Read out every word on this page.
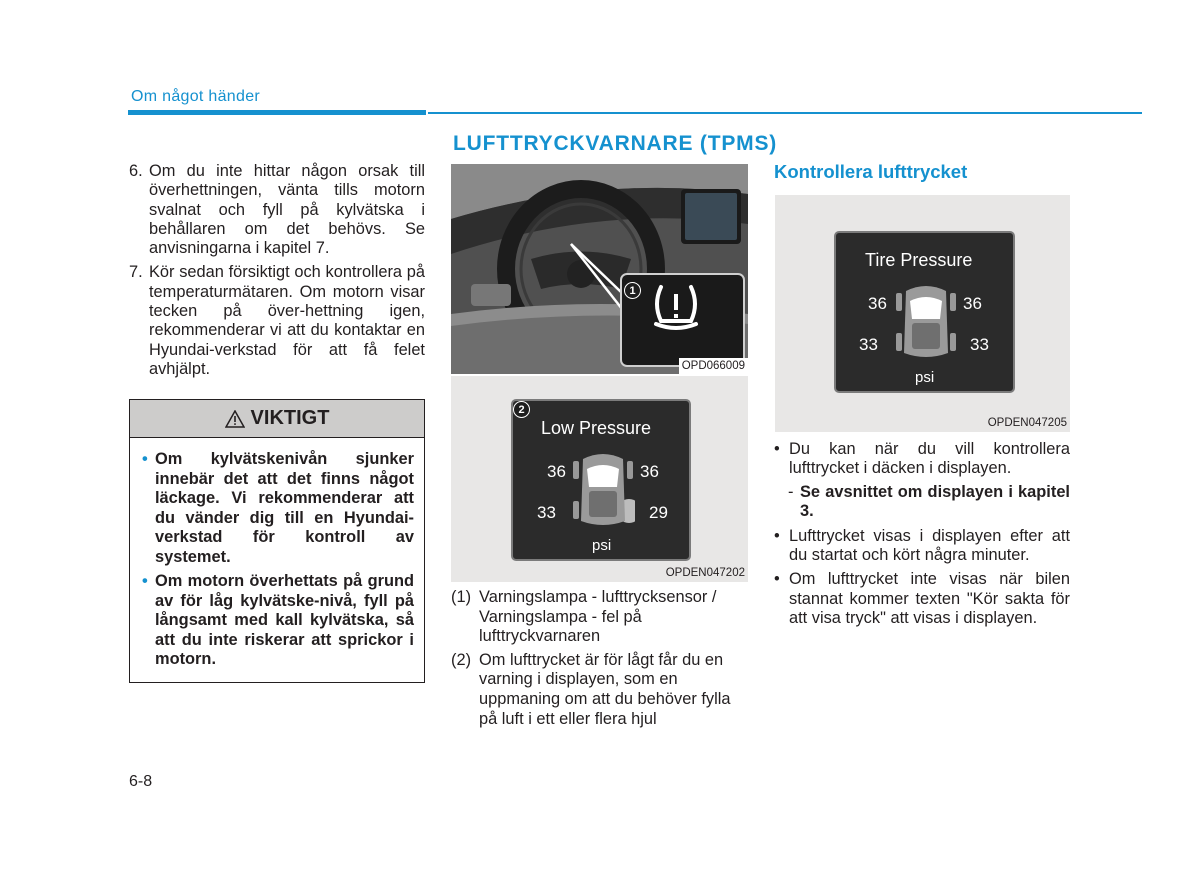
Om något händer
LUFTTRYCKVARNARE (TPMS)
6. Om du inte hittar någon orsak till överhettningen, vänta tills motorn svalnat och fyll på kylvätska i behållaren om det behövs. Se anvisningarna i kapitel 7.
7. Kör sedan försiktigt och kontrollera på temperaturmätaren. Om motorn visar tecken på över-hettning igen, rekommenderar vi att du kontaktar en Hyundai-verkstad för att få felet avhjälpt.
VIKTIGT
• Om kylvätskenivån sjunker innebär det att det finns något läckage. Vi rekommenderar att du vänder dig till en Hyundai-verkstad för kontroll av systemet.
• Om motorn överhettats på grund av för låg kylvätske-nivå, fyll på långsamt med kall kylvätska, så att du inte riskerar att sprickor i motorn.
1
OPD066009
Low Pressure
36	36
33	29
psi
2
OPDEN047202
(1) Varningslampa - lufttrycksensor / Varningslampa - fel på lufttryckvarnaren
(2) Om lufttrycket är för lågt får du en varning i displayen, som en uppmaning om att du behöver fylla på luft i ett eller flera hjul
Kontrollera lufttrycket
Tire Pressure
36	36
33	33
psi
OPDEN047205
• Du kan när du vill kontrollera lufttrycket i däcken i displayen.
- Se avsnittet om displayen i kapitel 3.
• Lufttrycket visas i displayen efter att du startat och kört några minuter.
• Om lufttrycket inte visas när bilen stannat kommer texten "Kör sakta för att visa tryck" att visas i displayen.
6-8
